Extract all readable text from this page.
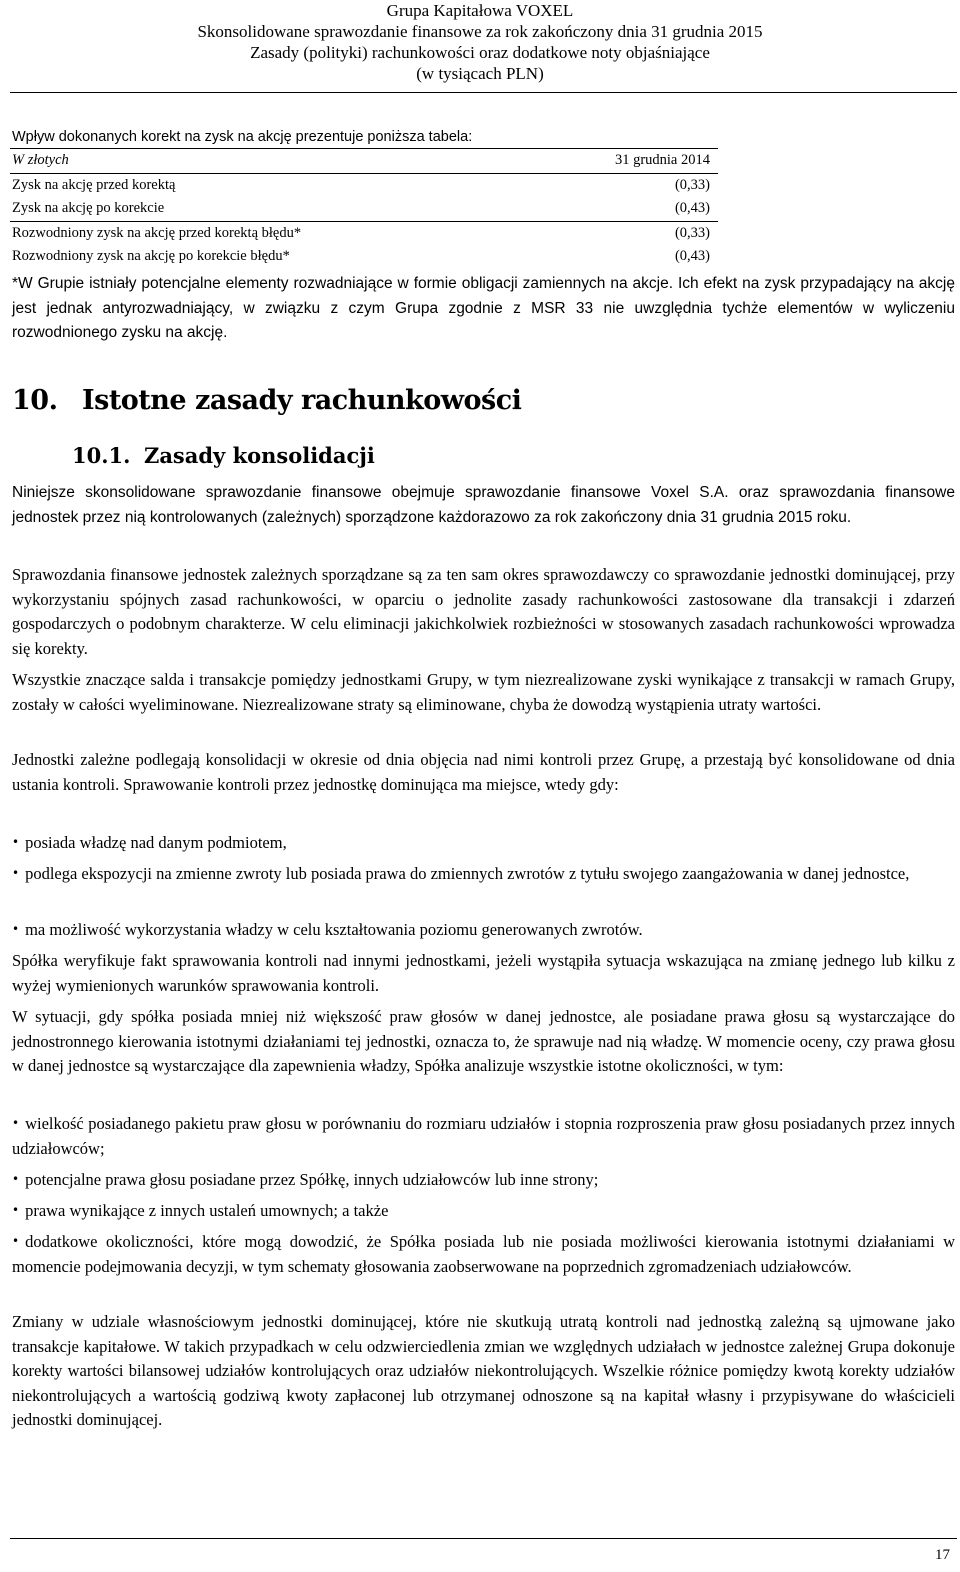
Grupa Kapitałowa VOXEL
Skonsolidowane sprawozdanie finansowe za rok zakończony dnia 31 grudnia 2015
Zasady (polityki) rachunkowości oraz dodatkowe noty objaśniające
(w tysiącach PLN)
Wpływ dokonanych korekt na zysk na akcję prezentuje poniższa tabela:
W złotych	31 grudnia 2014
Zysk na akcję przed korektą	(0,33)
Zysk na akcję po korekcie	(0,43)
Rozwodniony zysk na akcję przed korektą błędu*	(0,33)
Rozwodniony zysk na akcję po korekcie błędu*	(0,43)
*W Grupie istniały potencjalne elementy rozwadniające w formie obligacji zamiennych na akcje. Ich efekt na zysk przypadający na akcję jest jednak antyrozwadniający, w związku z czym Grupa zgodnie z MSR 33 nie uwzględnia tychże elementów w wyliczeniu rozwodnionego zysku na akcję.
10. Istotne zasady rachunkowości
10.1. Zasady konsolidacji
Niniejsze skonsolidowane sprawozdanie finansowe obejmuje sprawozdanie finansowe Voxel S.A. oraz sprawozdania finansowe jednostek przez nią kontrolowanych (zależnych) sporządzone każdorazowo za rok zakończony dnia 31 grudnia 2015 roku.
Sprawozdania finansowe jednostek zależnych sporządzane są za ten sam okres sprawozdawczy co sprawozdanie jednostki dominującej, przy wykorzystaniu spójnych zasad rachunkowości, w oparciu o jednolite zasady rachunkowości zastosowane dla transakcji i zdarzeń gospodarczych o podobnym charakterze. W celu eliminacji jakichkolwiek rozbieżności w stosowanych zasadach rachunkowości wprowadza się korekty.
Wszystkie znaczące salda i transakcje pomiędzy jednostkami Grupy, w tym niezrealizowane zyski wynikające z transakcji w ramach Grupy, zostały w całości wyeliminowane. Niezrealizowane straty są eliminowane, chyba że dowodzą wystąpienia utraty wartości.
Jednostki zależne podlegają konsolidacji w okresie od dnia objęcia nad nimi kontroli przez Grupę, a przestają być konsolidowane od dnia ustania kontroli. Sprawowanie kontroli przez jednostkę dominująca ma miejsce, wtedy gdy:
• posiada władzę nad danym podmiotem,
• podlega ekspozycji na zmienne zwroty lub posiada prawa do zmiennych zwrotów z tytułu swojego zaangażowania w danej jednostce,
• ma możliwość wykorzystania władzy w celu kształtowania poziomu generowanych zwrotów.
Spółka weryfikuje fakt sprawowania kontroli nad innymi jednostkami, jeżeli wystąpiła sytuacja wskazująca na zmianę jednego lub kilku z wyżej wymienionych warunków sprawowania kontroli.
W sytuacji, gdy spółka posiada mniej niż większość praw głosów w danej jednostce, ale posiadane prawa głosu są wystarczające do jednostronnego kierowania istotnymi działaniami tej jednostki, oznacza to, że sprawuje nad nią władzę. W momencie oceny, czy prawa głosu w danej jednostce są wystarczające dla zapewnienia władzy, Spółka analizuje wszystkie istotne okoliczności, w tym:
• wielkość posiadanego pakietu praw głosu w porównaniu do rozmiaru udziałów i stopnia rozproszenia praw głosu posiadanych przez innych udziałowców;
• potencjalne prawa głosu posiadane przez Spółkę, innych udziałowców lub inne strony;
• prawa wynikające z innych ustaleń umownych; a także
• dodatkowe okoliczności, które mogą dowodzić, że Spółka posiada lub nie posiada możliwości kierowania istotnymi działaniami w momencie podejmowania decyzji, w tym schematy głosowania zaobserwowane na poprzednich zgromadzeniach udziałowców.
Zmiany w udziale własnościowym jednostki dominującej, które nie skutkują utratą kontroli nad jednostką zależną są ujmowane jako transakcje kapitałowe. W takich przypadkach w celu odzwierciedlenia zmian we względnych udziałach w jednostce zależnej Grupa dokonuje korekty wartości bilansowej udziałów kontrolujących oraz udziałów niekontrolujących. Wszelkie różnice pomiędzy kwotą korekty udziałów niekontrolujących a wartością godziwą kwoty zapłaconej lub otrzymanej odnoszone są na kapitał własny i przypisywane do właścicieli jednostki dominującej.
17
